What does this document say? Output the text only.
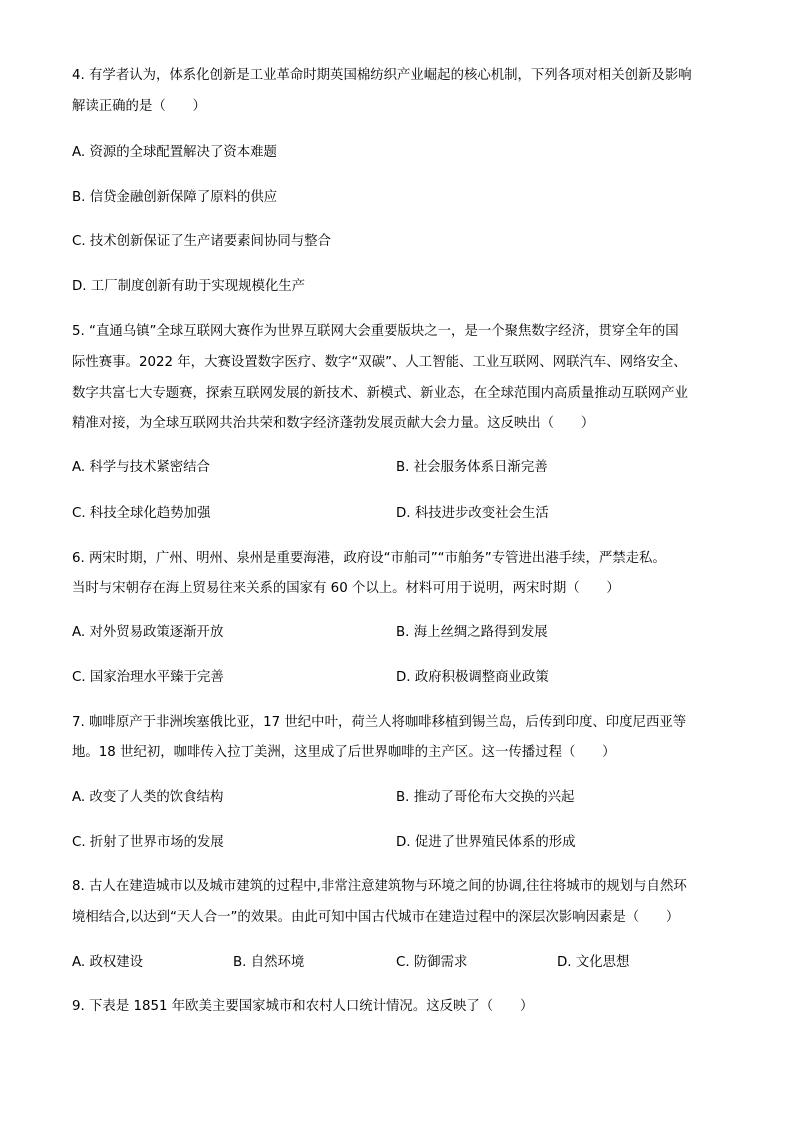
4. 有学者认为，体系化创新是工业革命时期英国棉纺织产业崛起的核心机制，下列各项对相关创新及影响
解读正确的是（　　）
A. 资源的全球配置解决了资本难题
B. 信贷金融创新保障了原料的供应
C. 技术创新保证了生产诸要素间协同与整合
D. 工厂制度创新有助于实现规模化生产
5. “直通乌镇”全球互联网大赛作为世界互联网大会重要版块之一，是一个聚焦数字经济，贯穿全年的国
际性赛事。2022 年，大赛设置数字医疗、数字“双碳”、人工智能、工业互联网、网联汽车、网络安全、
数字共富七大专题赛，探索互联网发展的新技术、新模式、新业态，在全球范围内高质量推动互联网产业
精准对接，为全球互联网共治共荣和数字经济蓬勃发展贡献大会力量。这反映出（　　）
A. 科学与技术紧密结合	B. 社会服务体系日渐完善
C. 科技全球化趋势加强	D. 科技进步改变社会生活
6. 两宋时期，广州、明州、泉州是重要海港，政府设“市舶司”“市舶务”专管进出港手续，严禁走私。
当时与宋朝存在海上贸易往来关系的国家有 60 个以上。材料可用于说明，两宋时期（　　）
A. 对外贸易政策逐渐开放	B. 海上丝绸之路得到发展
C. 国家治理水平臻于完善	D. 政府积极调整商业政策
7. 咖啡原产于非洲埃塞俄比亚，17 世纪中叶，荷兰人将咖啡移植到锡兰岛，后传到印度、印度尼西亚等
地。18 世纪初，咖啡传入拉丁美洲，这里成了后世界咖啡的主产区。这一传播过程（　　）
A. 改变了人类的饮食结构	B. 推动了哥伦布大交换的兴起
C. 折射了世界市场的发展	D. 促进了世界殖民体系的形成
8. 古人在建造城市以及城市建筑的过程中,非常注意建筑物与环境之间的协调,往往将城市的规划与自然环
境相结合,以达到“天人合一”的效果。由此可知中国古代城市在建造过程中的深层次影响因素是（　　）
A. 政权建设	B. 自然环境	C. 防御需求	D. 文化思想
9. 下表是 1851 年欧美主要国家城市和农村人口统计情况。这反映了（　　）
